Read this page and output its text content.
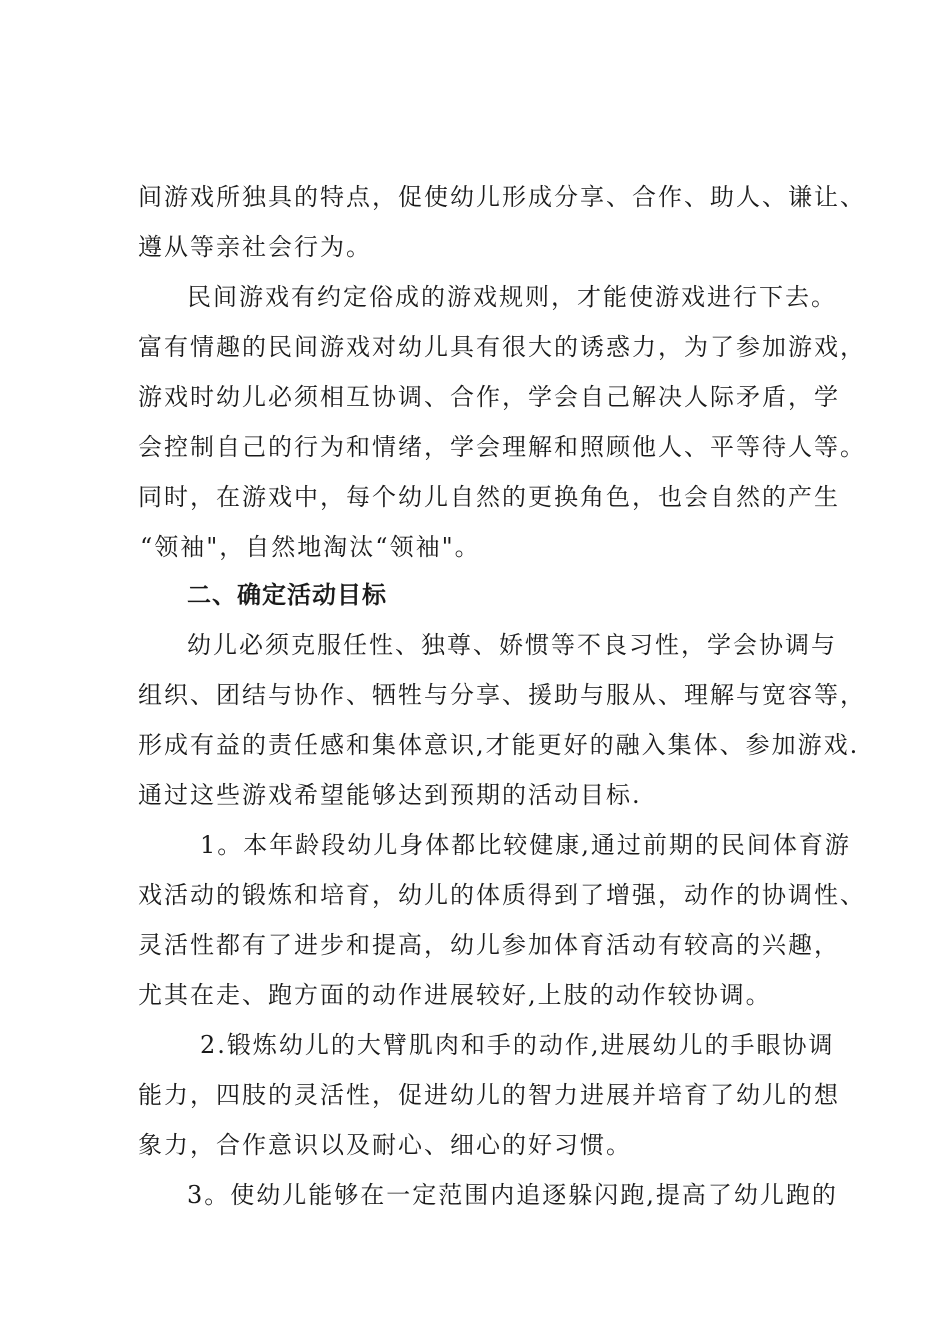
间游戏所独具的特点，促使幼儿形成分享、合作、助人、谦让、
遵从等亲社会行为。
民间游戏有约定俗成的游戏规则，才能使游戏进行下去。
富有情趣的民间游戏对幼儿具有很大的诱惑力，为了参加游戏，
游戏时幼儿必须相互协调、合作，学会自己解决人际矛盾，学
会控制自己的行为和情绪，学会理解和照顾他人、平等待人等。
同时，在游戏中，每个幼儿自然的更换角色，也会自然的产生
“领袖"，自然地淘汰“领袖"。
二、确定活动目标
幼儿必须克服任性、独尊、娇惯等不良习性，学会协调与
组织、团结与协作、牺牲与分享、援助与服从、理解与宽容等，
形成有益的责任感和集体意识,才能更好的融入集体、参加游戏.
通过这些游戏希望能够达到预期的活动目标.
1。本年龄段幼儿身体都比较健康,通过前期的民间体育游
戏活动的锻炼和培育，幼儿的体质得到了增强，动作的协调性、
灵活性都有了进步和提高，幼儿参加体育活动有较高的兴趣，
尤其在走、跑方面的动作进展较好,上肢的动作较协调。
2.锻炼幼儿的大臂肌肉和手的动作,进展幼儿的手眼协调
能力，四肢的灵活性，促进幼儿的智力进展并培育了幼儿的想
象力，合作意识以及耐心、细心的好习惯。
3。使幼儿能够在一定范围内追逐躲闪跑,提高了幼儿跑的
